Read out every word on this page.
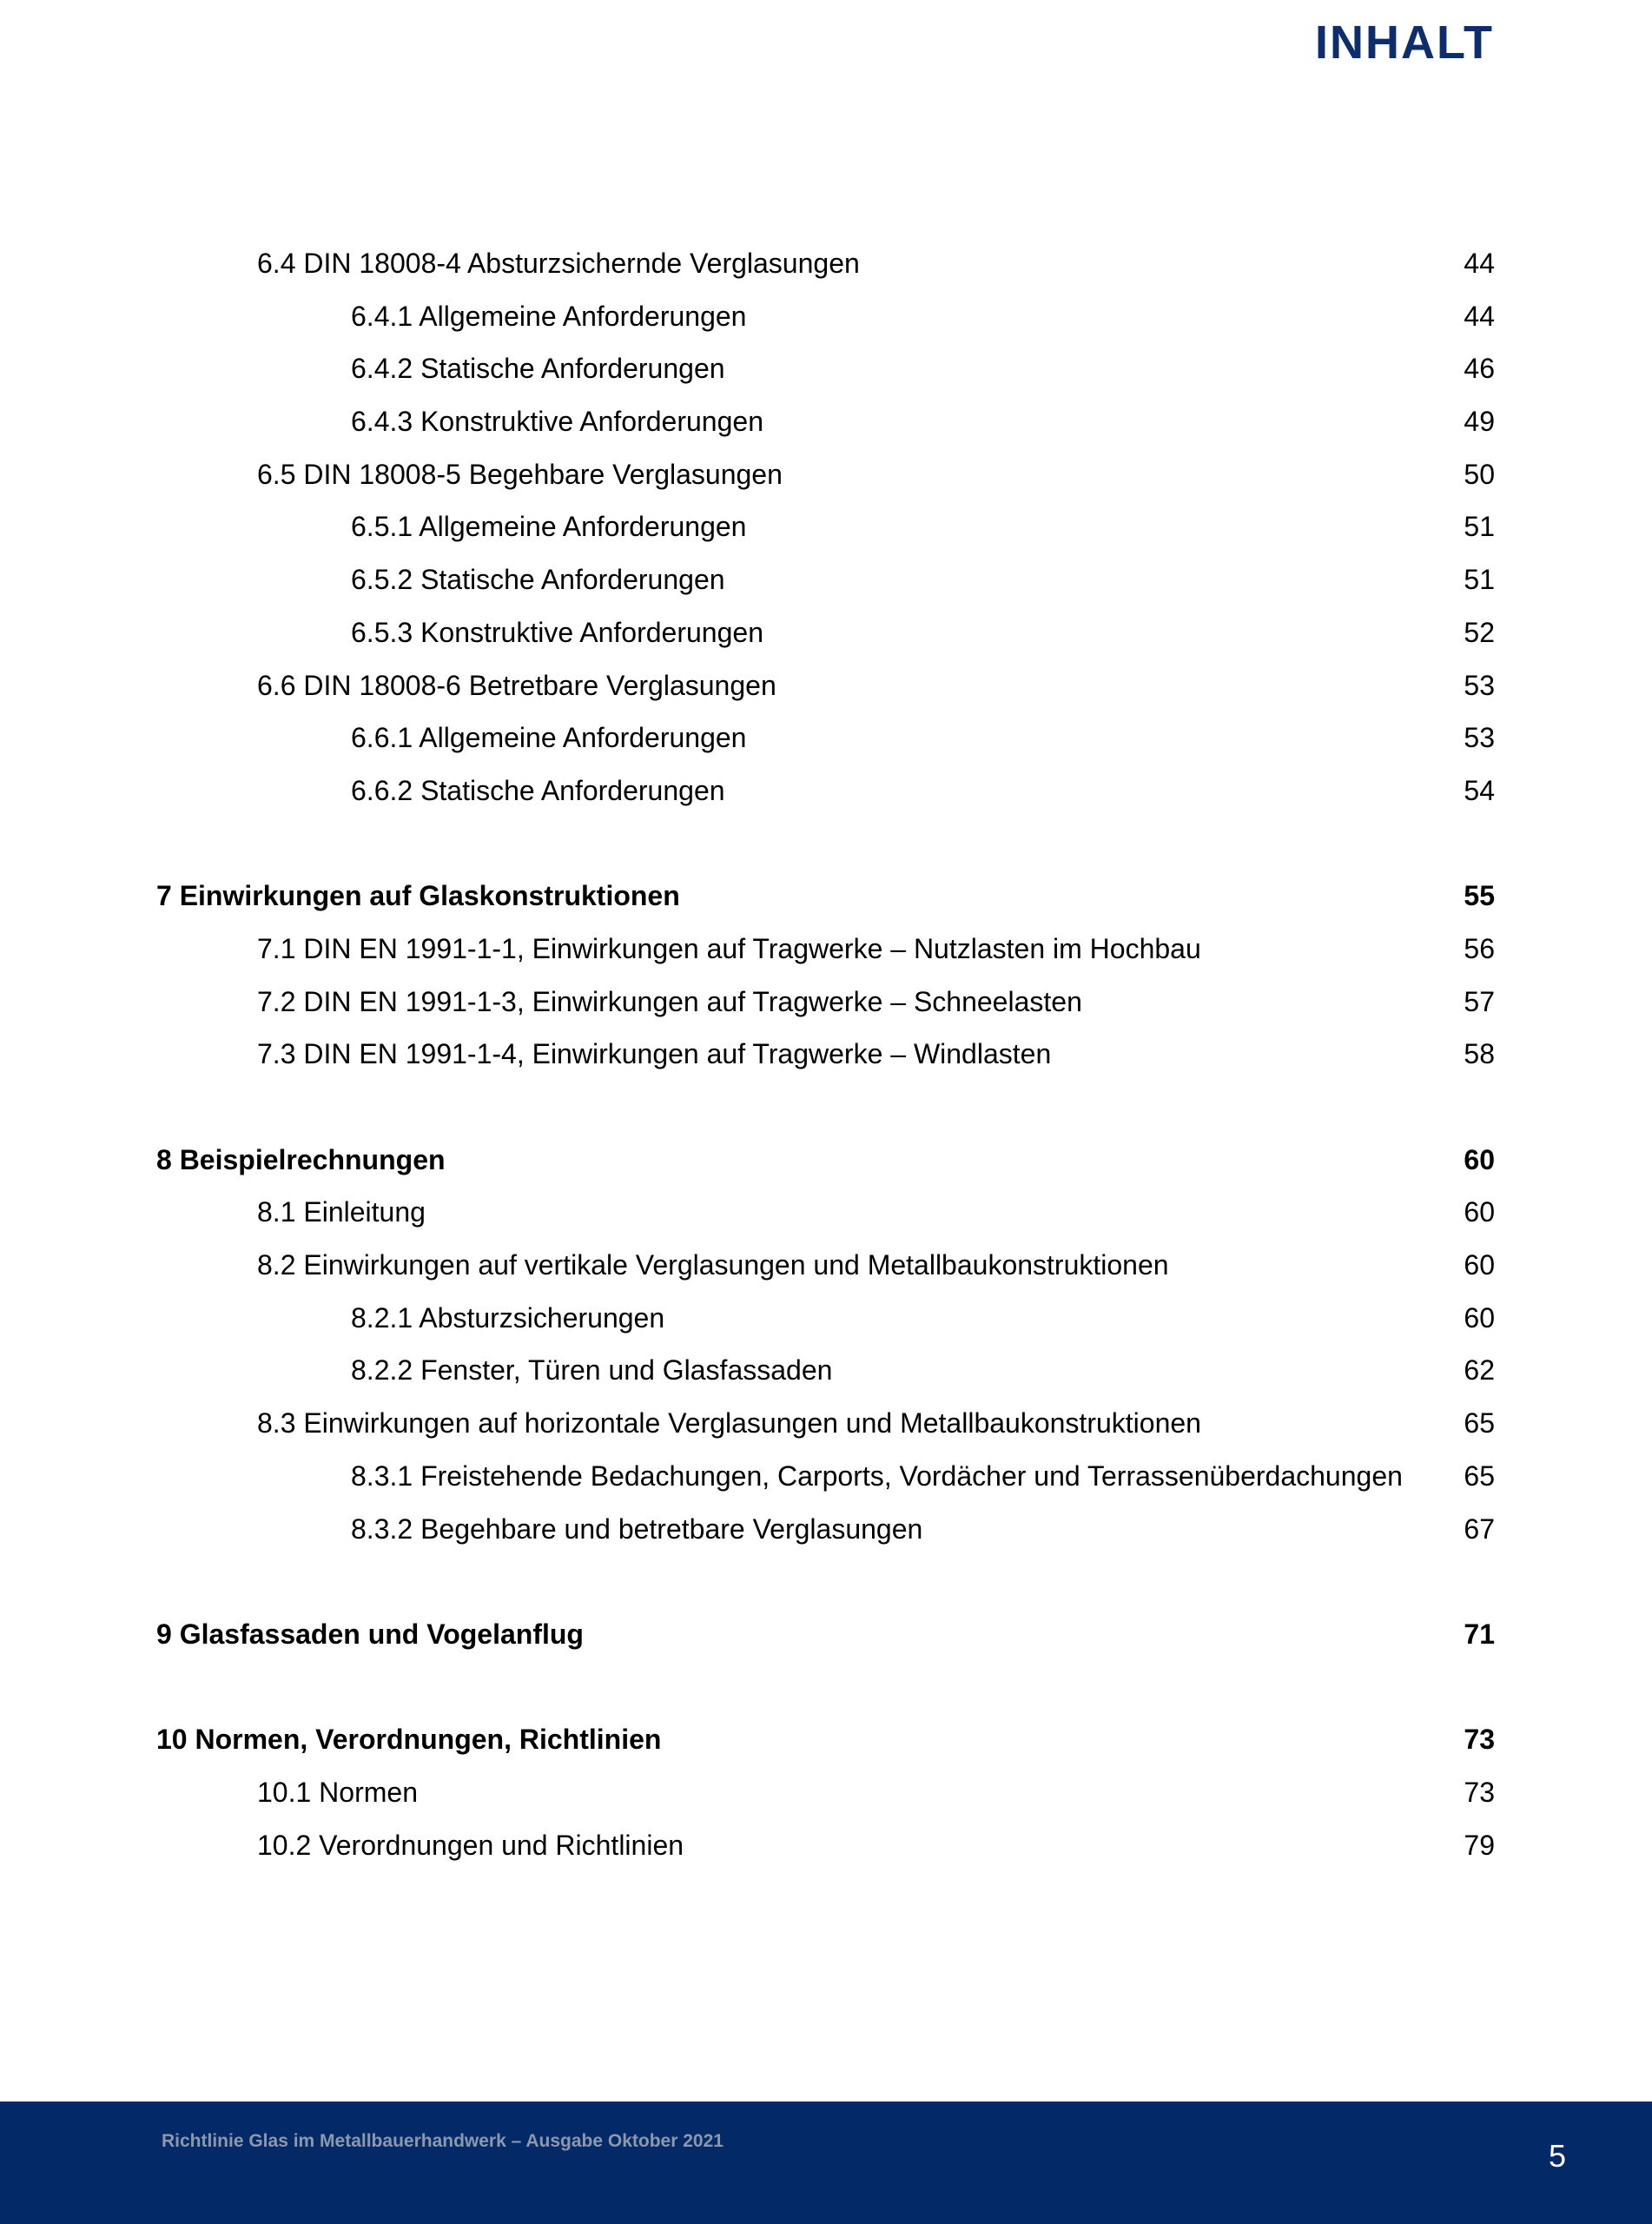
INHALT
6.4 DIN 18008-4 Absturzsichernde Verglasungen	44
6.4.1 Allgemeine Anforderungen	44
6.4.2 Statische Anforderungen	46
6.4.3 Konstruktive Anforderungen	49
6.5 DIN 18008-5 Begehbare Verglasungen	50
6.5.1 Allgemeine Anforderungen	51
6.5.2 Statische Anforderungen	51
6.5.3 Konstruktive Anforderungen	52
6.6 DIN 18008-6 Betretbare Verglasungen	53
6.6.1 Allgemeine Anforderungen	53
6.6.2 Statische Anforderungen	54
7 Einwirkungen auf Glaskonstruktionen	55
7.1 DIN EN 1991-1-1, Einwirkungen auf Tragwerke – Nutzlasten im Hochbau	56
7.2 DIN EN 1991-1-3, Einwirkungen auf Tragwerke – Schneelasten	57
7.3 DIN EN 1991-1-4, Einwirkungen auf Tragwerke – Windlasten	58
8 Beispielrechnungen	60
8.1 Einleitung	60
8.2 Einwirkungen auf vertikale Verglasungen und Metallbaukonstruktionen	60
8.2.1 Absturzsicherungen	60
8.2.2 Fenster, Türen und Glasfassaden	62
8.3 Einwirkungen auf horizontale Verglasungen und Metallbaukonstruktionen	65
8.3.1 Freistehende Bedachungen, Carports, Vordächer und Terrassenüberdachungen 65
8.3.2 Begehbare und betretbare Verglasungen	67
9 Glasfassaden und Vogelanflug	71
10 Normen, Verordnungen, Richtlinien	73
10.1 Normen	73
10.2 Verordnungen und Richtlinien	79
Richtlinie Glas im Metallbauerhandwerk – Ausgabe Oktober 2021	5
